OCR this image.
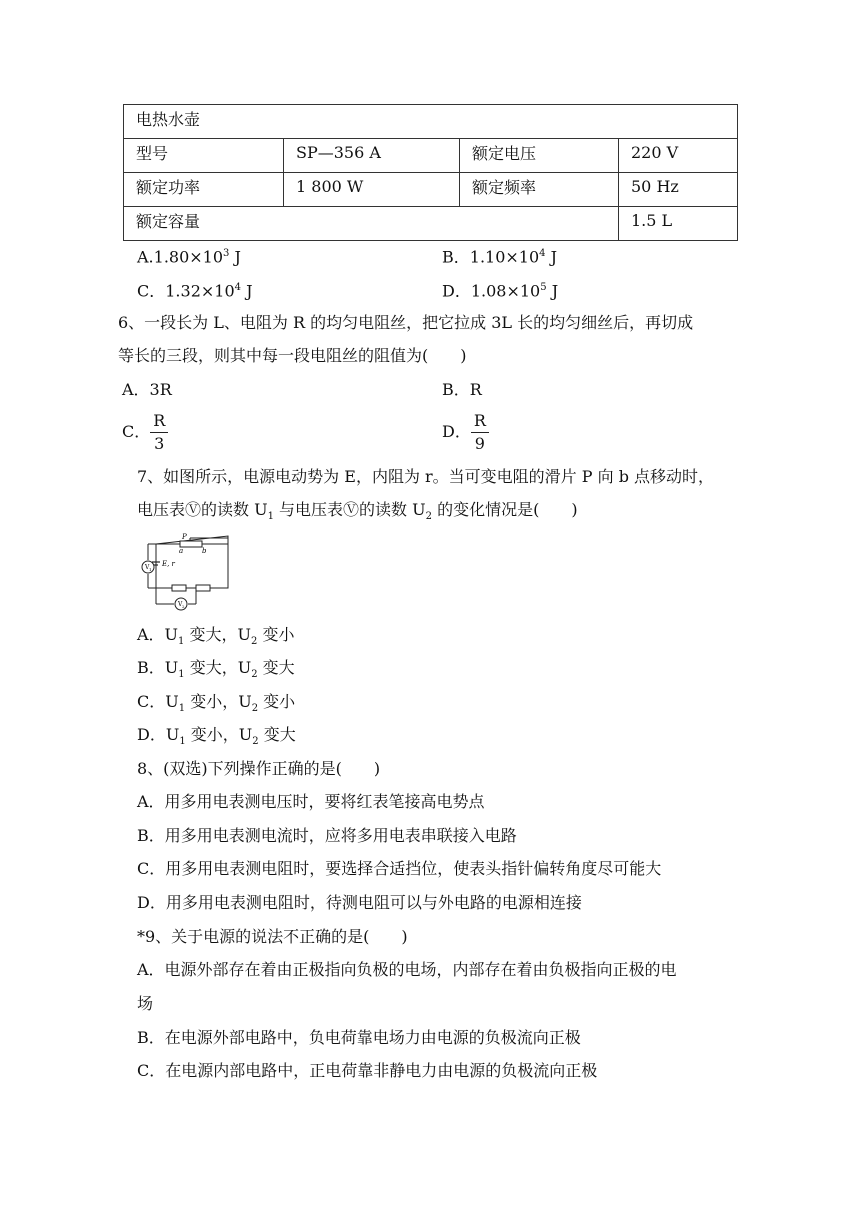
电热水壶			
型号	SP—356 A	额定电压	220 V
额定功率	1 800 W	额定频率	50 Hz
额定容量			1.5 L
$A.1.80\times 10^3$ J	B．$1.10\times 10^4$ J
C．$1.32\times 10^4$ J	D．$1.08\times 10^5$ J
6、一段长为 L、电阻为 R 的均匀电阻丝，把它拉成 3L 长的均匀细丝后，再切成
等长的三段，则其中每一段电阻丝的阻值为(　　)
A．3R	B．R
C． $\frac{R}{3}$	D． $\frac{R}{9}$
7、如图所示，电源电动势为 E，内阻为 r。当可变电阻的滑片 P 向 b 点移动时，
电压表Ⓥ的读数 $U_1$ 与电压表Ⓥ的读数 $U_2$ 的变化情况是(　　)
P
a	b
E, r
V 1
V 2
A．$U_1$ 变大，$U_2$ 变小
B．$U_1$ 变大，$U_2$ 变大
C．$U_1$ 变小，$U_2$ 变小
D．$U_1$ 变小，$U_2$ 变大
8、(双选)下列操作正确的是(　　)
A．用多用电表测电压时，要将红表笔接高电势点
B．用多用电表测电流时，应将多用电表串联接入电路
C．用多用电表测电阻时，要选择合适挡位，使表头指针偏转角度尽可能大
D．用多用电表测电阻时，待测电阻可以与外电路的电源相连接
*9、关于电源的说法不正确的是(　　)
A．电源外部存在着由正极指向负极的电场，内部存在着由负极指向正极的电
场
B．在电源外部电路中，负电荷靠电场力由电源的负极流向正极
C．在电源内部电路中，正电荷靠非静电力由电源的负极流向正极
